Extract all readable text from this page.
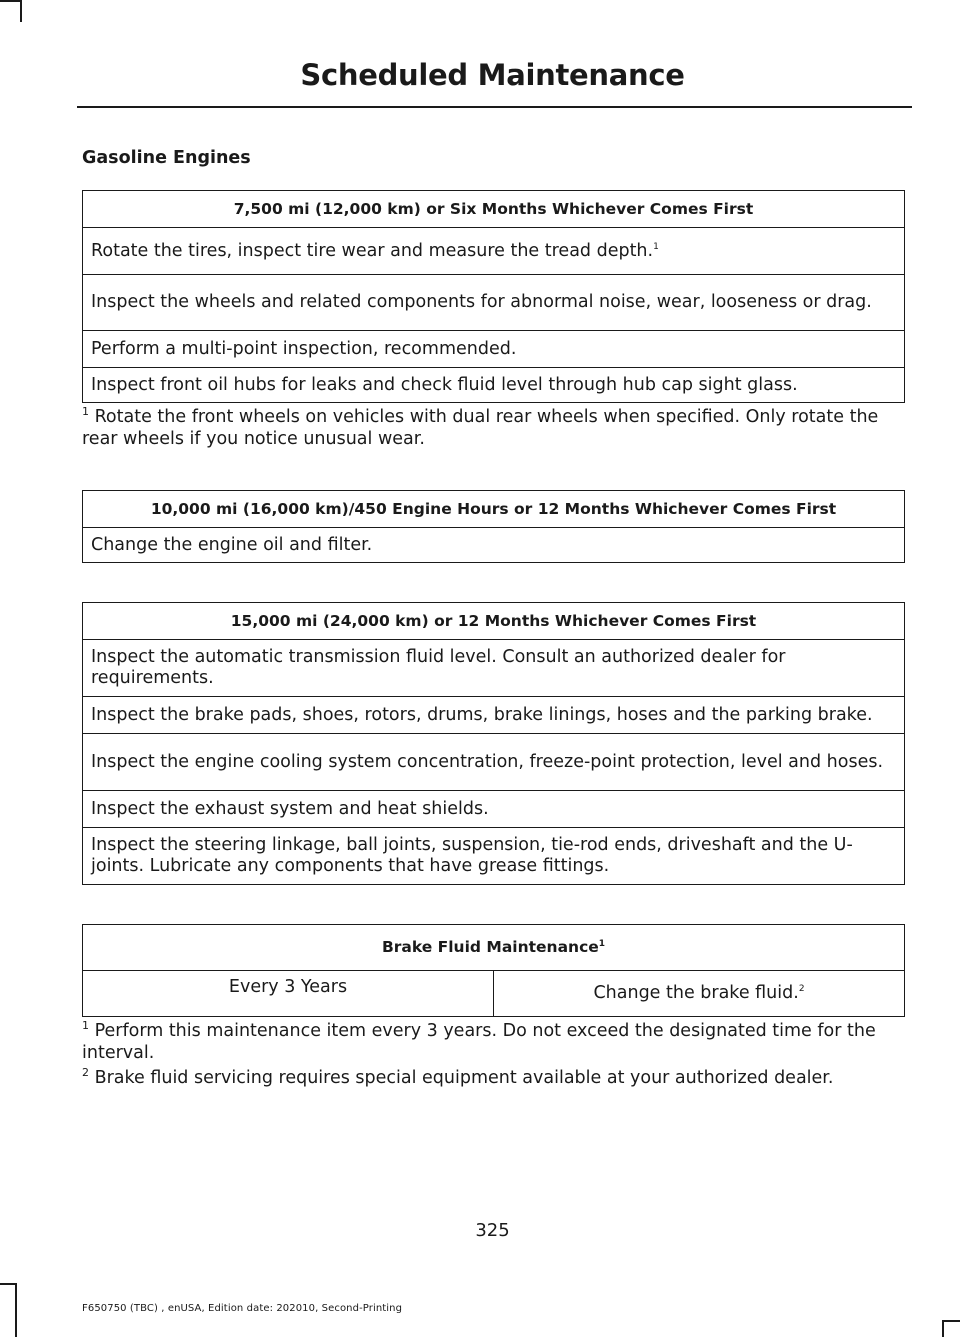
Scheduled Maintenance
Gasoline Engines
7,500 mi (12,000 km) or Six Months Whichever Comes First
Rotate the tires, inspect tire wear and measure the tread depth.$^1$
Inspect the wheels and related components for abnormal noise, wear, looseness or drag.
Perform a multi-point inspection, recommended.
Inspect front oil hubs for leaks and check fluid level through hub cap sight glass.
$^1$ Rotate the front wheels on vehicles with dual rear wheels when specified. Only rotate the rear wheels if you notice unusual wear.
10,000 mi (16,000 km)/450 Engine Hours or 12 Months Whichever Comes First
Change the engine oil and filter.
15,000 mi (24,000 km) or 12 Months Whichever Comes First
Inspect the automatic transmission fluid level. Consult an authorized dealer for requirements.
Inspect the brake pads, shoes, rotors, drums, brake linings, hoses and the parking brake.
Inspect the engine cooling system concentration, freeze-point protection, level and hoses.
Inspect the exhaust system and heat shields.
Inspect the steering linkage, ball joints, suspension, tie-rod ends, driveshaft and the U-joints. Lubricate any components that have grease fittings.
Brake Fluid Maintenance$^1$
Every 3 Years	Change the brake fluid.$^2$
$^1$ Perform this maintenance item every 3 years. Do not exceed the designated time for the interval.
$^2$ Brake fluid servicing requires special equipment available at your authorized dealer.
325
F650750 (TBC) , enUSA, Edition date: 202010, Second-Printing
